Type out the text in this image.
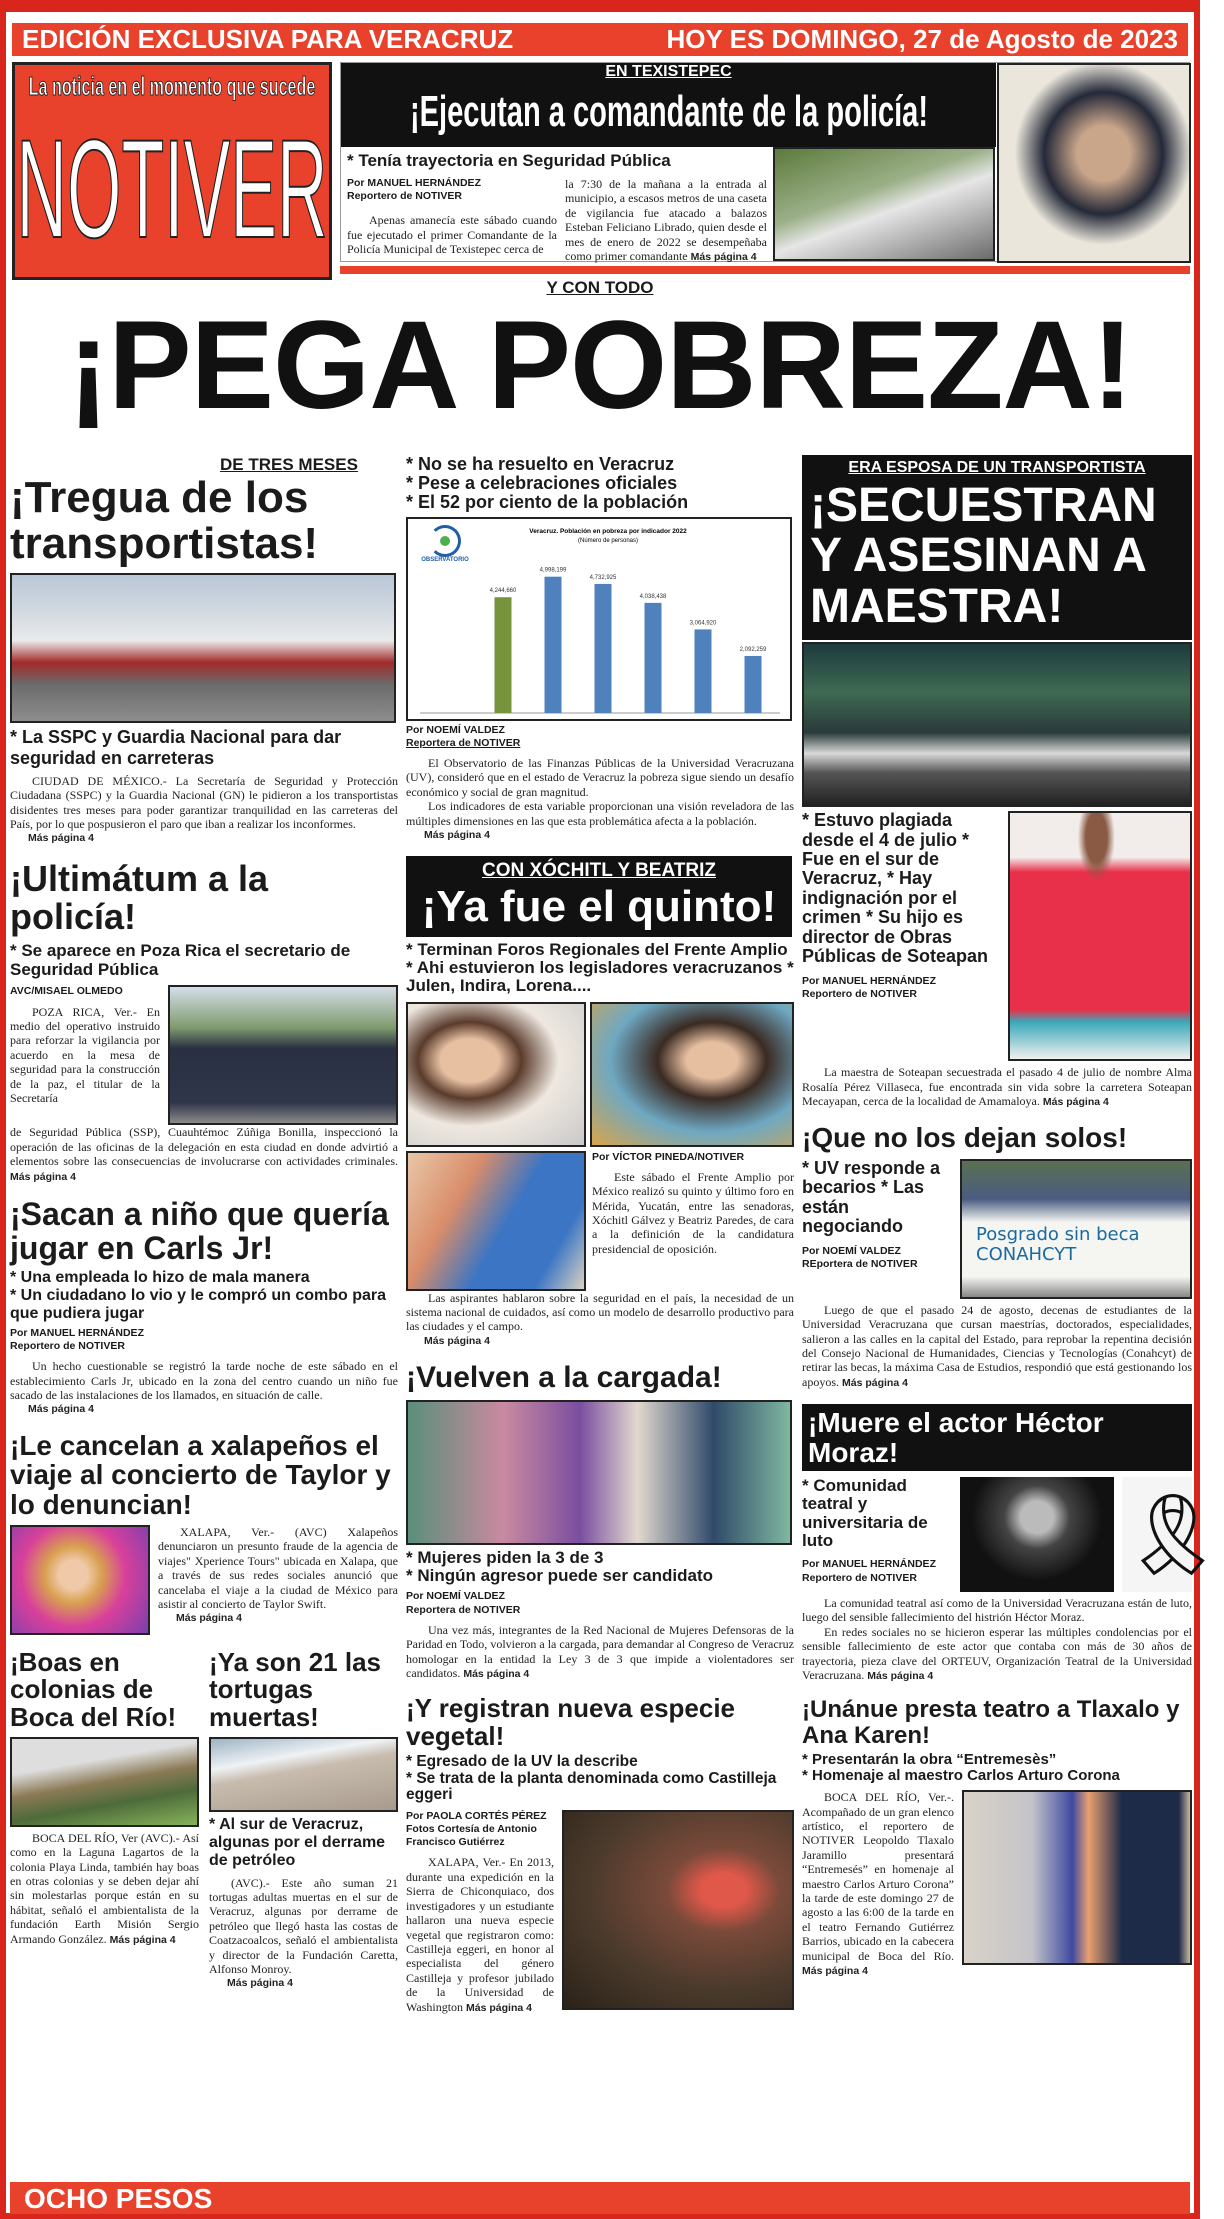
EDICIÓN EXCLUSIVA PARA VERACRUZ	HOY ES DOMINGO, 27 de Agosto de 2023
La noticia en el momento que sucede
NOTIVER
EN TEXISTEPEC
¡Ejecutan a comandante de la policía!
* Tenía trayectoria en Seguridad Pública
Por MANUEL HERNÁNDEZ
Reportero de NOTIVER

Apenas amanecía este sábado cuando fue ejecutado el primer Comandante de la Policía Municipal de Texistepec cerca de

la 7:30 de la mañana a la entrada al municipio, a escasos metros de una caseta de vigilancia fue atacado a balazos Esteban Feliciano Librado, quien desde el mes de enero de 2022 se desempeñaba como primer comandante Más página 4
Y CON TODO
¡PEGA POBREZA!
DE TRES MESES
¡Tregua de los transportistas!
* La SSPC y Guardia Nacional para dar seguridad en carreteras

CIUDAD DE MÉXICO.- La Secretaría de Seguridad y Protección Ciudadana (SSPC) y la Guardia Nacional (GN) le pidieron a los transportistas disidentes tres meses para poder garantizar tranquilidad en las carreteras del País, por lo que pospusieron el paro que iban a realizar los inconformes.

Más página 4
¡Ultimátum a la policía!
* Se aparece en Poza Rica el secretario de Seguridad Pública
AVC/MISAEL OLMEDO

POZA RICA, Ver.- En medio del operativo instruido para reforzar la vigilancia por acuerdo en la mesa de seguridad para la construcción de la paz, el titular de la Secretaría

de Seguridad Pública (SSP), Cuauhtémoc Zúñiga Bonilla, inspeccionó la operación de las oficinas de la delegación en esta ciudad en donde advirtió a elementos sobre las consecuencias de involucrarse con actividades criminales. Más página 4
¡Sacan a niño que quería jugar en Carls Jr!
* Una empleada lo hizo de mala manera
* Un ciudadano lo vio y le compró un combo para que pudiera jugar
Por MANUEL HERNÁNDEZ
Reportero de NOTIVER

Un hecho cuestionable se registró la tarde noche de este sábado en el establecimiento Carls Jr, ubicado en la zona del centro cuando un niño fue sacado de las instalaciones de los llamados, en situación de calle.

Más página 4
¡Le cancelan a xalapeños el viaje al concierto de Taylor y lo denuncian!

XALAPA, Ver.- (AVC) Xalapeños denunciaron un presunto fraude de la agencia de viajes" Xperience Tours" ubicada en Xalapa, que a través de sus redes sociales anunció que cancelaba el viaje a la ciudad de México para asistir al concierto de Taylor Swift.

Más página 4
¡Boas en colonias de Boca del Río!

BOCA DEL RÍO, Ver (AVC).- Así como en la Laguna Lagartos de la colonia Playa Linda, también hay boas en otras colonias y se deben dejar ahí sin molestarlas porque están en su hábitat, señaló el ambientalista de la fundación Earth Misión Sergio Armando González. Más página 4

¡Ya son 21 las tortugas muertas!
* Al sur de Veracruz, algunas por el derrame de petróleo

(AVC).- Este año suman 21 tortugas adultas muertas en el sur de Veracruz, algunas por derrame de petróleo que llegó hasta las costas de Coatzacoalcos, señaló el ambientalista y director de la Fundación Caretta, Alfonso Monroy.

Más página 4
* No se ha resuelto en Veracruz
* Pese a celebraciones oficiales
* El 52 por ciento de la población
Veracruz. Población en pobreza por indicador 2022
(Número de personas)
4,244,660
4,998,199
4,732,925
4,038,438
3,064,920
2,092,259
OBSERVATORIO
Por NOEMÍ VALDEZ
Reportera de NOTIVER

El Observatorio de las Finanzas Públicas de la Universidad Veracruzana (UV), consideró que en el estado de Veracruz la pobreza sigue siendo un desafío económico y social de gran magnitud.

Los indicadores de esta variable proporcionan una visión reveladora de las múltiples dimensiones en las que esta problemática afecta a la población.

Más página 4
CON XÓCHITL Y BEATRIZ
¡Ya fue el quinto!
* Terminan Foros Regionales del Frente Amplio * Ahi estuvieron los legisladores veracruzanos * Julen, Indira, Lorena....
Por VÍCTOR PINEDA/NOTIVER

Este sábado el Frente Amplio por México realizó su quinto y último foro en Mérida, Yucatán, entre las senadoras, Xóchitl Gálvez y Beatriz Paredes, de cara a la definición de la candidatura presidencial de oposición.

Las aspirantes hablaron sobre la seguridad en el país, la necesidad de un sistema nacional de cuidados, así como un modelo de desarrollo productivo para las ciudades y el campo.

Más página 4
¡Vuelven a la cargada!
* Mujeres piden la 3 de 3
* Ningún agresor puede ser candidato
Por NOEMÍ VALDEZ
Reportera de NOTIVER

Una vez más, integrantes de la Red Nacional de Mujeres Defensoras de la Paridad en Todo, volvieron a la cargada, para demandar al Congreso de Veracruz homologar en la entidad la Ley 3 de 3 que impide a violentadores ser candidatos. Más página 4

¡Y registran nueva especie vegetal!
* Egresado de la UV la describe
* Se trata de la planta denominada como Castilleja eggeri
Por PAOLA CORTÉS PÉREZ
Fotos Cortesía de Antonio Francisco Gutiérrez

XALAPA, Ver.- En 2013, durante una expedición en la Sierra de Chiconquiaco, dos investigadores y un estudiante hallaron una nueva especie vegetal que registraron como: Castilleja eggeri, en honor al especialista del género Castilleja y profesor jubilado de la Universidad de Washington Más página 4

ERA ESPOSA DE UN TRANSPORTISTA
¡SECUESTRAN Y ASESINAN A MAESTRA!
* Estuvo plagiada desde el 4 de julio * Fue en el sur de Veracruz, * Hay indignación por el crimen * Su hijo es director de Obras Públicas de Soteapan
Por MANUEL HERNÁNDEZ
Reportero de NOTIVER

La maestra de Soteapan secuestrada el pasado 4 de julio de nombre Alma Rosalía Pérez Villaseca, fue encontrada sin vida sobre la carretera Soteapan Mecayapan, cerca de la localidad de Amamaloya. Más página 4

¡Que no los dejan solos!
* UV responde a becarios * Las están negociando
Por NOEMÍ VALDEZ
REportera de NOTIVER
Posgrado sin beca CONAHCYT

Luego de que el pasado 24 de agosto, decenas de estudiantes de la Universidad Veracruzana que cursan maestrías, doctorados, especialidades, salieron a las calles en la capital del Estado, para reprobar la repentina decisión del Consejo Nacional de Humanidades, Ciencias y Tecnologías (Conahcyt) de retirar las becas, la máxima Casa de Estudios, respondió que está gestionando los apoyos. Más página 4

¡Muere el actor Héctor Moraz!
* Comunidad teatral y universitaria de luto
Por MANUEL HERNÁNDEZ
Reportero de NOTIVER	🎗

La comunidad teatral así como de la Universidad Veracruzana están de luto, luego del sensible fallecimiento del histrión Héctor Moraz.

En redes sociales no se hicieron esperar las múltiples condolencias por el sensible fallecimiento de este actor que contaba con más de 30 años de trayectoria, pieza clave del ORTEUV, Organización Teatral de la Universidad Veracruzana. Más página 4

¡Unánue presta teatro a Tlaxalo y Ana Karen!
* Presentarán la obra “Entremesès”
* Homenaje al maestro Carlos Arturo Corona

BOCA DEL RÍO, Ver.-. Acompañado de un gran elenco artístico, el reportero de NOTIVER Leopoldo Tlaxalo Jaramillo presentará “Entremesés” en homenaje al maestro Carlos Arturo Corona” la tarde de este domingo 27 de agosto a las 6:00 de la tarde en el teatro Fernando Gutiérrez Barrios, ubicado en la cabecera municipal de Boca del Río. Más página 4

OCHO PESOS
